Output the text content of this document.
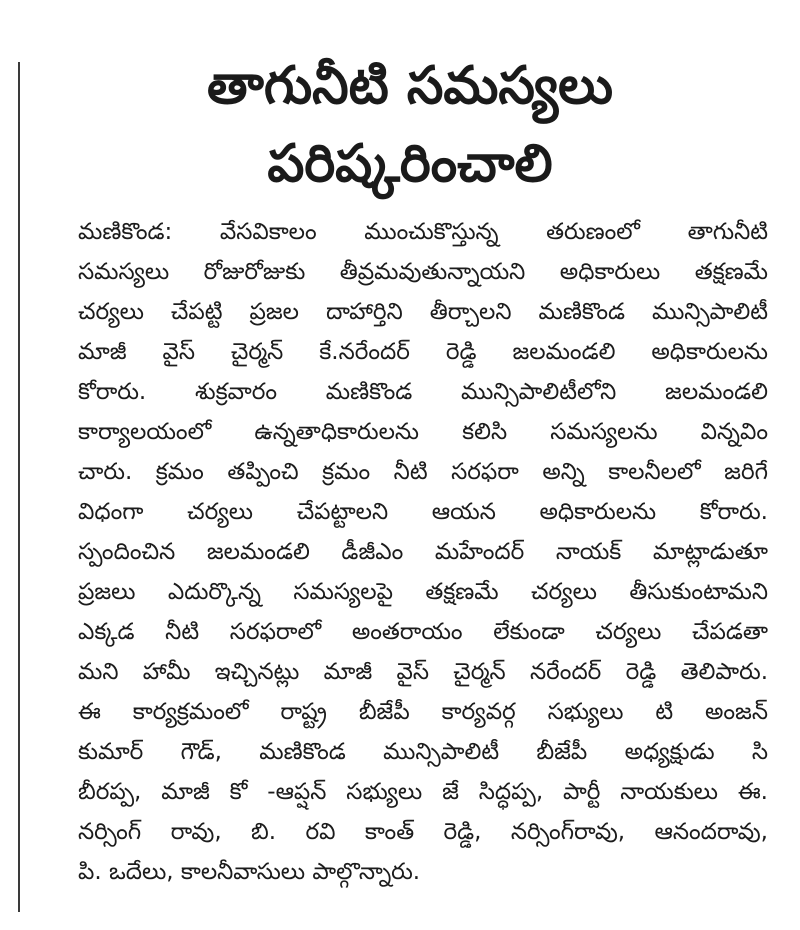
తాగునీటి సమస్యలు
పరిష్కరించాలి
మణికొండ: వేసవికాలం ముంచుకొస్తున్న తరుణంలో తాగునీటి
సమస్యలు రోజురోజుకు తీవ్రమవుతున్నాయని అధికారులు తక్షణమే
చర్యలు చేపట్టి ప్రజల దాహార్తిని తీర్చాలని మణికొండ మున్సిపాలిటీ
మాజీ వైస్ చైర్మన్ కే.నరేందర్ రెడ్డి జలమండలి అధికారులను
కోరారు. శుక్రవారం మణికొండ మున్సిపాలిటీలోని జలమండలి
కార్యాలయంలో ఉన్నతాధికారులను కలిసి సమస్యలను విన్నవిం
చారు. క్రమం తప్పించి క్రమం నీటి సరఫరా అన్ని కాలనీలలో జరిగే
విధంగా చర్యలు చేపట్టాలని ఆయన అధికారులను కోరారు.
స్పందించిన జలమండలి డీజీఎం మహేందర్ నాయక్ మాట్లాడుతూ
ప్రజలు ఎదుర్కొన్న సమస్యలపై తక్షణమే చర్యలు తీసుకుంటామని
ఎక్కడ నీటి సరఫరాలో అంతరాయం లేకుండా చర్యలు చేపడతా
మని హామీ ఇచ్చినట్లు మాజీ వైస్ చైర్మన్ నరేందర్ రెడ్డి తెలిపారు.
ఈ కార్యక్రమంలో రాష్ట్ర బీజేపీ కార్యవర్గ సభ్యులు టి అంజన్
కుమార్ గౌడ్, మణికొండ మున్సిపాలిటీ బీజేపీ అధ్యక్షుడు సి
బీరప్ప, మాజీ కో -ఆప్షన్ సభ్యులు జే సిద్ధప్ప, పార్టీ నాయకులు ఈ.
నర్సింగ్ రావు, బి. రవి కాంత్ రెడ్డి, నర్సింగ్‌రావు, ఆనందరావు,
పి. ఒదేలు, కాలనీవాసులు పాల్గొన్నారు.
